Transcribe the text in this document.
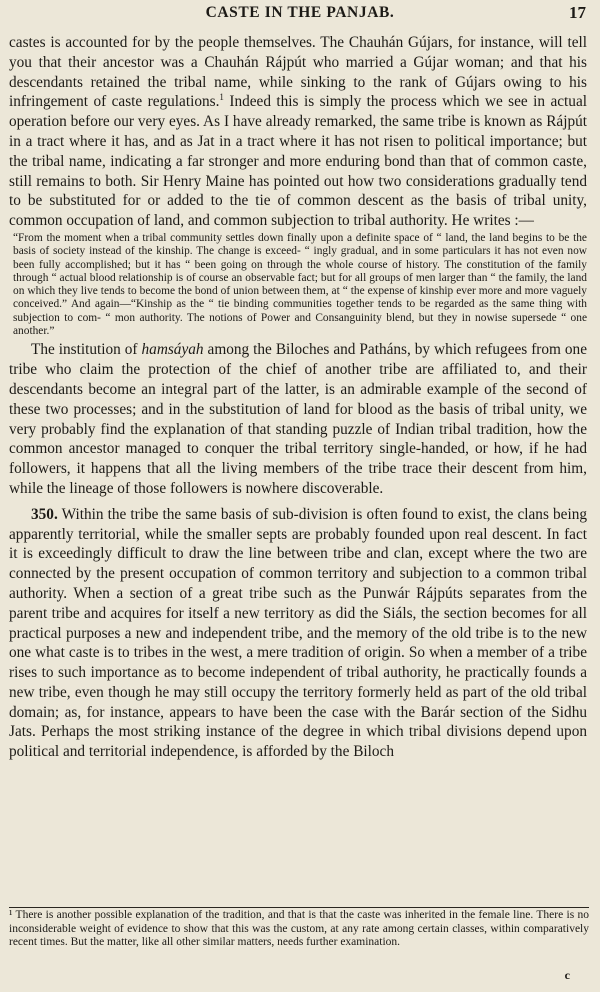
CASTE IN THE PANJAB.	17

castes is accounted for by the people themselves. The Chauhán Gújars, for instance, will tell you that their ancestor was a Chauhán Rájpút who married a Gújar woman; and that his descendants retained the tribal name, while sinking to the rank of Gújars owing to his infringement of caste regulations.$^1$ Indeed this is simply the process which we see in actual operation before our very eyes. As I have already remarked, the same tribe is known as Rájpút in a tract where it has, and as Jat in a tract where it has not risen to political importance; but the tribal name, indicating a far stronger and more enduring bond than that of common caste, still remains to both. Sir Henry Maine has pointed out how two considerations gradually tend to be substituted for or added to the tie of common descent as the basis of tribal unity, common occupation of land, and common subjection to tribal authority. He writes :—

“From the moment when a tribal community settles down finally upon a definite space of “ land, the land begins to be the basis of society instead of the kinship. The change is exceed- “ ingly gradual, and in some particulars it has not even now been fully accomplished; but it has “ been going on through the whole course of history. The constitution of the family through “ actual blood relationship is of course an observable fact; but for all groups of men larger than “ the family, the land on which they live tends to become the bond of union between them, at “ the expense of kinship ever more and more vaguely conceived.” And again—“Kinship as the “ tie binding communities together tends to be regarded as the same thing with subjection to com- “ mon authority. The notions of Power and Consanguinity blend, but they in nowise supersede “ one another.”

The institution of hamsáyah among the Biloches and Patháns, by which refugees from one tribe who claim the protection of the chief of another tribe are affiliated to, and their descendants become an integral part of the latter, is an admirable example of the second of these two processes; and in the substitution of land for blood as the basis of tribal unity, we very probably find the explanation of that standing puzzle of Indian tribal tradition, how the common ancestor managed to conquer the tribal territory single-handed, or how, if he had followers, it happens that all the living members of the tribe trace their descent from him, while the lineage of those followers is nowhere discoverable.

350. Within the tribe the same basis of sub-division is often found to exist, the clans being apparently territorial, while the smaller septs are probably founded upon real descent. In fact it is exceedingly difficult to draw the line between tribe and clan, except where the two are connected by the present occupation of common territory and subjection to a common tribal authority. When a section of a great tribe such as the Punwár Rájpúts separates from the parent tribe and acquires for itself a new territory as did the Siáls, the section becomes for all practical purposes a new and independent tribe, and the memory of the old tribe is to the new one what caste is to tribes in the west, a mere tradition of origin. So when a member of a tribe rises to such importance as to become independent of tribal authority, he practically founds a new tribe, even though he may still occupy the territory formerly held as part of the old tribal domain; as, for instance, appears to have been the case with the Barár section of the Sidhu Jats. Perhaps the most striking instance of the degree in which tribal divisions depend upon political and territorial independence, is afforded by the Biloch

¹ There is another possible explanation of the tradition, and that is that the caste was inherited in the female line. There is no inconsiderable weight of evidence to show that this was the custom, at any rate among certain classes, within comparatively recent times. But the matter, like all other similar matters, needs further examination.
c
